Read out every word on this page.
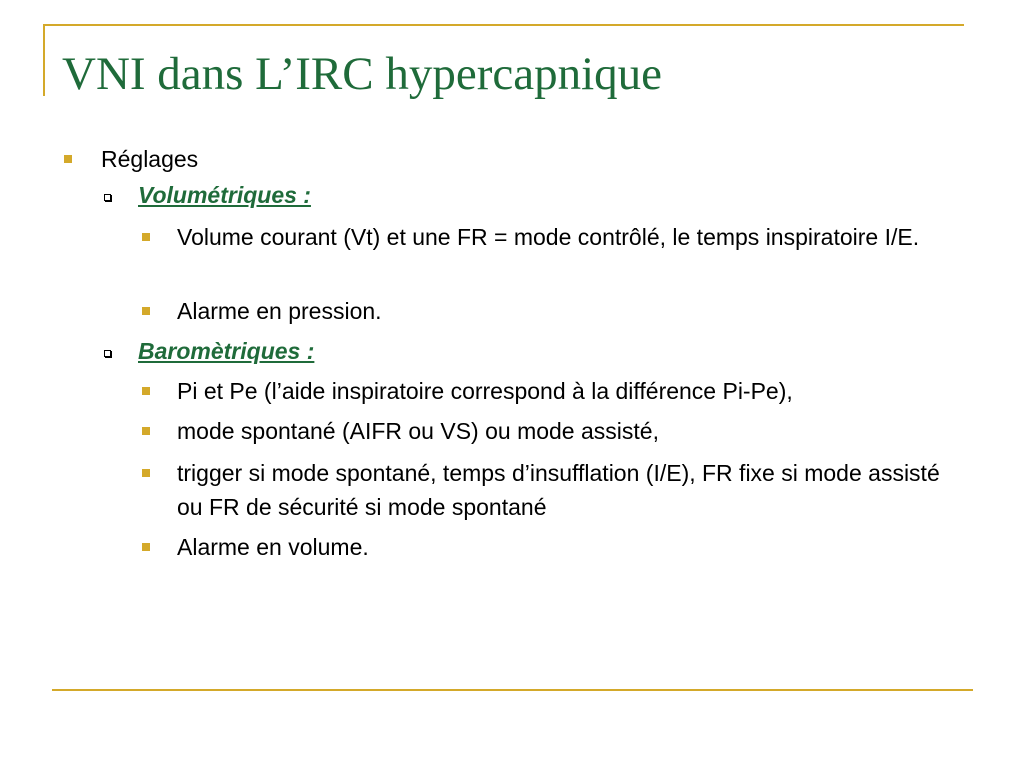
VNI dans L’IRC hypercapnique
Réglages
Volumétriques :
Volume courant (Vt) et une FR = mode contrôlé, le temps inspiratoire I/E.
Alarme en pression.
Baromètriques :
Pi et Pe (l’aide inspiratoire correspond à la différence Pi-Pe),
mode spontané (AIFR ou VS) ou mode assisté,
trigger si mode spontané, temps d’insufflation (I/E), FR fixe si mode assisté ou FR de sécurité si mode spontané
Alarme en volume.
